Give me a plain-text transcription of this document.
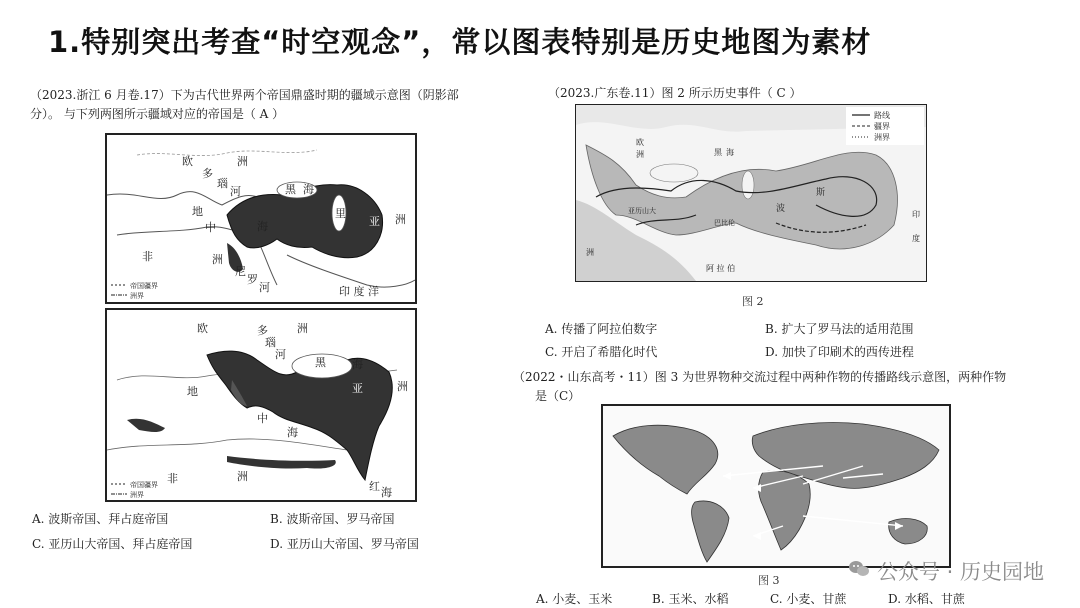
1.特别突出考查“时空观念”，常以图表特别是历史地图为素材
（2023.浙江 6 月卷.17）下为古代世界两个帝国鼎盛时期的疆域示意图（阴影部
分）。 与下列两图所示疆域对应的帝国是（ A ）
欧	洲
多
瑙
河	黑 海
亚 洲
里
地
中	海
非	洲
尼
罗
河	印 度 洋
帝国疆界
洲界
欧	洲
多
瑙
河
黑 海
亚	洲
地
中
海
非	洲
红 海
帝国疆界
洲界
A. 波斯帝国、拜占庭帝国	B. 波斯帝国、罗马帝国
C. 亚历山大帝国、拜占庭帝国	D. 亚历山大帝国、罗马帝国
（2023.广东卷.11）图 2 所示历史事件（ C ）
路线
疆界
洲界
欧
洲	黑 海
巴比伦
亚历山大	波
斯
阿 拉 伯
印
度
洲
图 2
A. 传播了阿拉伯数字	B. 扩大了罗马法的适用范围
C. 开启了希腊化时代	D. 加快了印刷术的西传进程
（2022・山东高考・11）图 3 为世界物种交流过程中两种作物的传播路线示意图，两种作物
是（C）
图 3
A. 小麦、玉米	B. 玉米、水稻	C. 小麦、甘蔗	D. 水稻、甘蔗
公众号 · 历史园地
